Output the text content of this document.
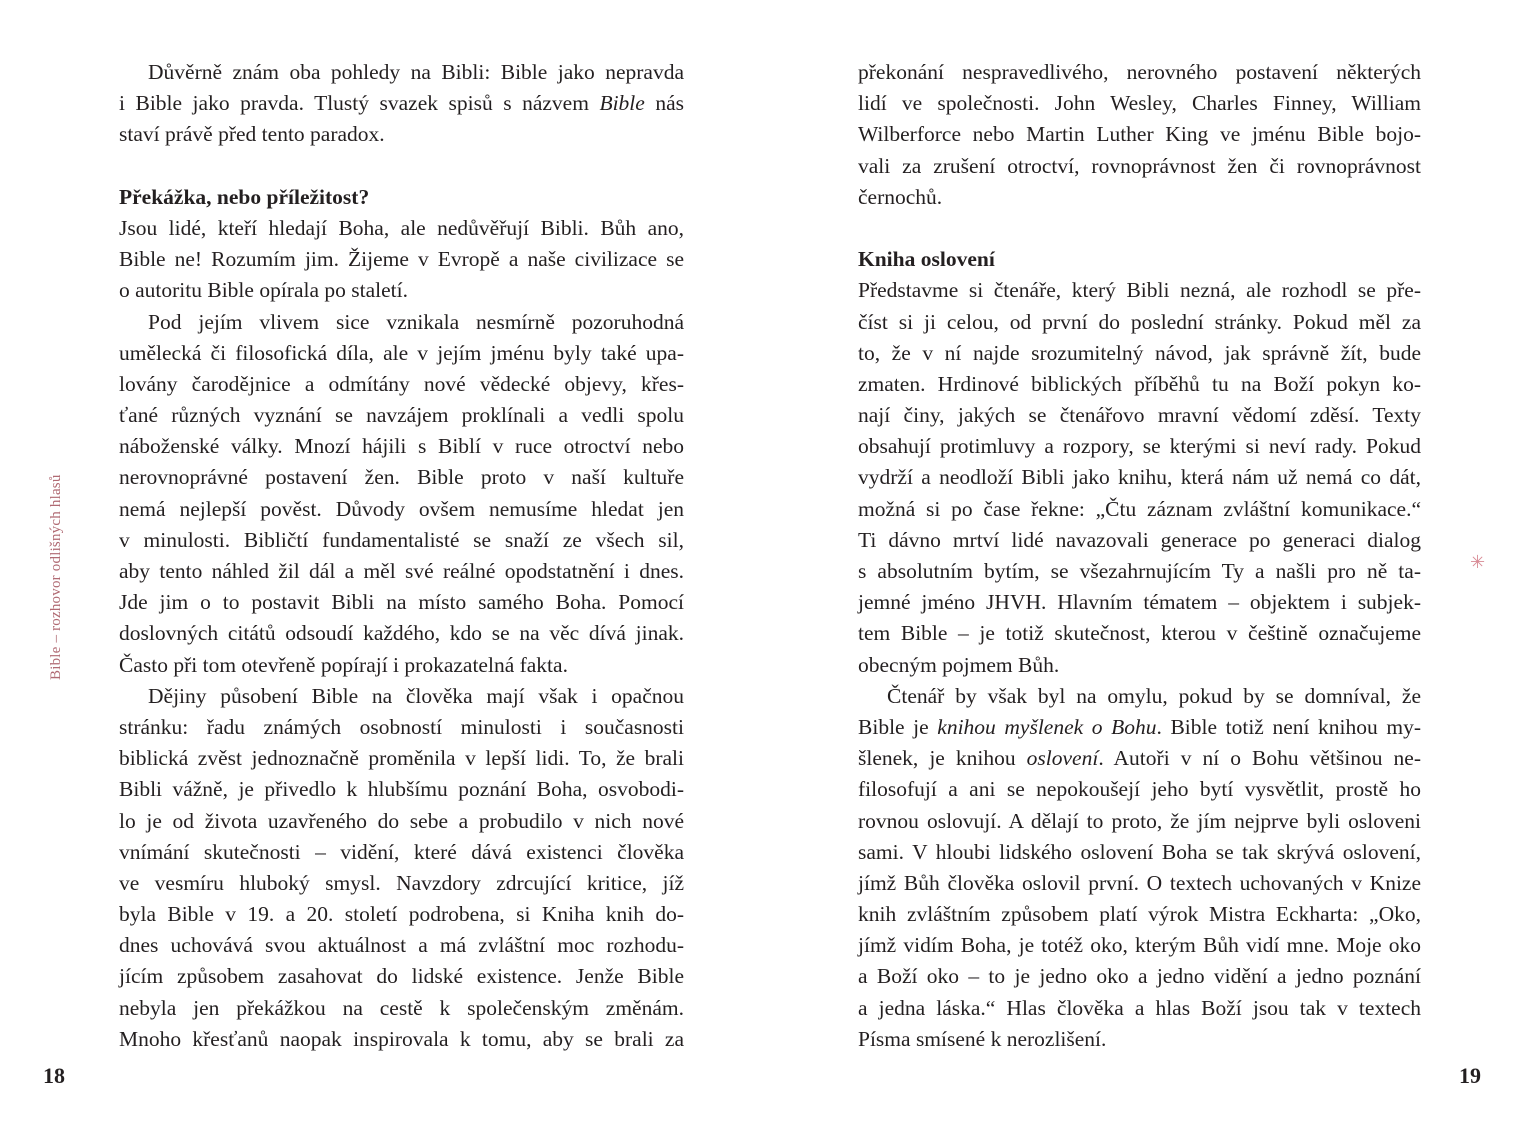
Bible – rozhovor odlišných hlasů
Důvěrně znám oba pohledy na Bibli: Bible jako nepravda
i Bible jako pravda. Tlustý svazek spisů s názvem Bible nás
staví právě před tento paradox.
Překážka, nebo příležitost?
Jsou lidé, kteří hledají Boha, ale nedůvěřují Bibli. Bůh ano,
Bible ne! Rozumím jim. Žijeme v Evropě a naše civilizace se
o autoritu Bible opírala po staletí.
Pod jejím vlivem sice vznikala nesmírně pozoruhodná
umělecká či filosofická díla, ale v jejím jménu byly také upa-
lovány čarodějnice a odmítány nové vědecké objevy, křes-
ťané různých vyznání se navzájem proklínali a vedli spolu
náboženské války. Mnozí hájili s Biblí v ruce otroctví nebo
nerovnoprávné postavení žen. Bible proto v naší kultuře
nemá nejlepší pověst. Důvody ovšem nemusíme hledat jen
v minulosti. Bibličtí fundamentalisté se snaží ze všech sil,
aby tento náhled žil dál a měl své reálné opodstatnění i dnes.
Jde jim o to postavit Bibli na místo samého Boha. Pomocí
doslovných citátů odsoudí každého, kdo se na věc dívá jinak.
Často při tom otevřeně popírají i prokazatelná fakta.
Dějiny působení Bible na člověka mají však i opačnou
stránku: řadu známých osobností minulosti i současnosti
biblická zvěst jednoznačně proměnila v lepší lidi. To, že brali
Bibli vážně, je přivedlo k hlubšímu poznání Boha, osvobodi-
lo je od života uzavřeného do sebe a probudilo v nich nové
vnímání skutečnosti – vidění, které dává existenci člověka
ve vesmíru hluboký smysl. Navzdory zdrcující kritice, jíž
byla Bible v 19. a 20. století podrobena, si Kniha knih do-
dnes uchovává svou aktuálnost a má zvláštní moc rozhodu-
jícím způsobem zasahovat do lidské existence. Jenže Bible
nebyla jen překážkou na cestě k společenským změnám.
Mnoho křesťanů naopak inspirovala k tomu, aby se brali za
18
překonání nespravedlivého, nerovného postavení některých
lidí ve společnosti. John Wesley, Charles Finney, William
Wilberforce nebo Martin Luther King ve jménu Bible bojo-
vali za zrušení otroctví, rovnoprávnost žen či rovnoprávnost
černochů.
Kniha oslovení
Představme si čtenáře, který Bibli nezná, ale rozhodl se pře-
číst si ji celou, od první do poslední stránky. Pokud měl za
to, že v ní najde srozumitelný návod, jak správně žít, bude
zmaten. Hrdinové biblických příběhů tu na Boží pokyn ko-
nají činy, jakých se čtenářovo mravní vědomí zděsí. Texty
obsahují protimluvy a rozpory, se kterými si neví rady. Pokud
vydrží a neodloží Bibli jako knihu, která nám už nemá co dát,
možná si po čase řekne: „Čtu záznam zvláštní komunikace.“
Ti dávno mrtví lidé navazovali generace po generaci dialog
s absolutním bytím, se všezahrnujícím Ty a našli pro ně ta-
jemné jméno JHVH. Hlavním tématem – objektem i subjek-
tem Bible – je totiž skutečnost, kterou v češtině označujeme
obecným pojmem Bůh.
Čtenář by však byl na omylu, pokud by se domníval, že
Bible je knihou myšlenek o Bohu. Bible totiž není knihou my-
šlenek, je knihou oslovení. Autoři v ní o Bohu většinou ne-
filosofují a ani se nepokoušejí jeho bytí vysvětlit, prostě ho
rovnou oslovují. A dělají to proto, že jím nejprve byli osloveni
sami. V hloubi lidského oslovení Boha se tak skrývá oslovení,
jímž Bůh člověka oslovil první. O textech uchovaných v Knize
knih zvláštním způsobem platí výrok Mistra Eckharta: „Oko,
jímž vidím Boha, je totéž oko, kterým Bůh vidí mne. Moje oko
a Boží oko – to je jedno oko a jedno vidění a jedno poznání
a jedna láska.“ Hlas člověka a hlas Boží jsou tak v textech
Písma smísené k nerozlišení.
✳
19
